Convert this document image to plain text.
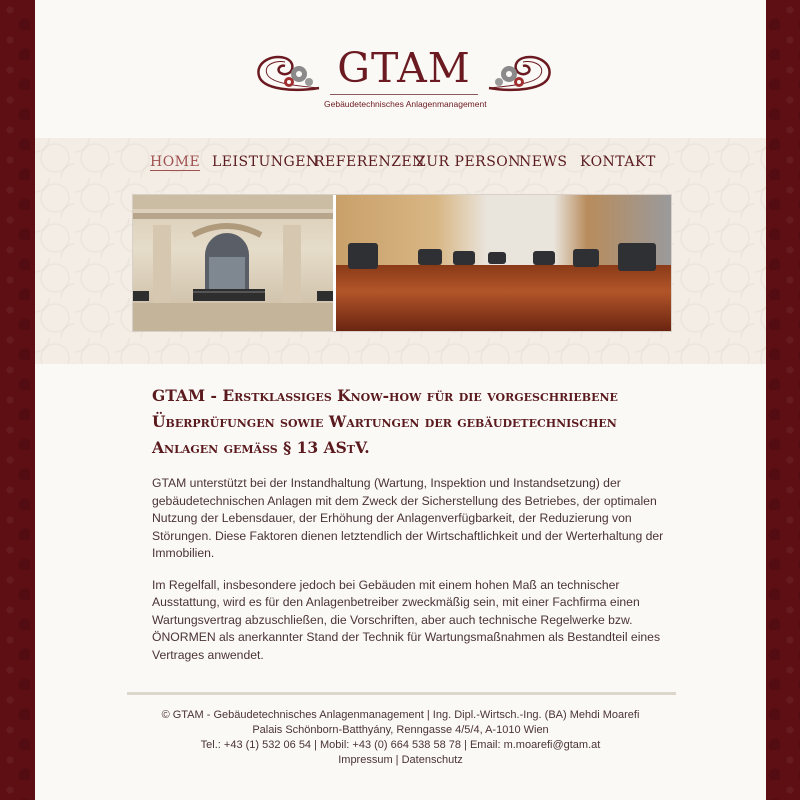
GTAM
Gebäudetechnisches Anlagenmanagement
HOME LEISTUNGEN
REFERENZEN
ZUR PERSON
NEWS KONTAKT
GTAM - Erstklassiges Know-how für die vorgeschriebene Überprüfungen sowie Wartungen der gebäudetechnischen Anlagen gemäss § 13 AStV.

GTAM unterstützt bei der Instandhaltung (Wartung, Inspektion und Instandsetzung) der gebäudetechnischen Anlagen mit dem Zweck der Sicherstellung des Betriebes, der optimalen Nutzung der Lebensdauer, der Erhöhung der Anlagenverfügbarkeit, der Reduzierung von Störungen. Diese Faktoren dienen letztendlich der Wirtschaftlichkeit und der Werterhaltung der Immobilien.

Im Regelfall, insbesondere jedoch bei Gebäuden mit einem hohen Maß an technischer Ausstattung, wird es für den Anlagenbetreiber zweckmäßig sein, mit einer Fachfirma einen Wartungsvertrag abzuschließen, die Vorschriften, aber auch technische Regelwerke bzw. ÖNORMEN als anerkannter Stand der Technik für Wartungsmaßnahmen als Bestandteil eines Vertrages anwendet.

© GTAM - Gebäudetechnisches Anlagenmanagement | Ing. Dipl.-Wirtsch.-Ing. (BA) Mehdi Moarefi
Palais Schönborn-Batthyány, Renngasse 4/5/4, A-1010 Wien
Tel.: +43 (1) 532 06 54 | Mobil: +43 (0) 664 538 58 78 | Email: m.moarefi@gtam.at
Impressum | Datenschutz
